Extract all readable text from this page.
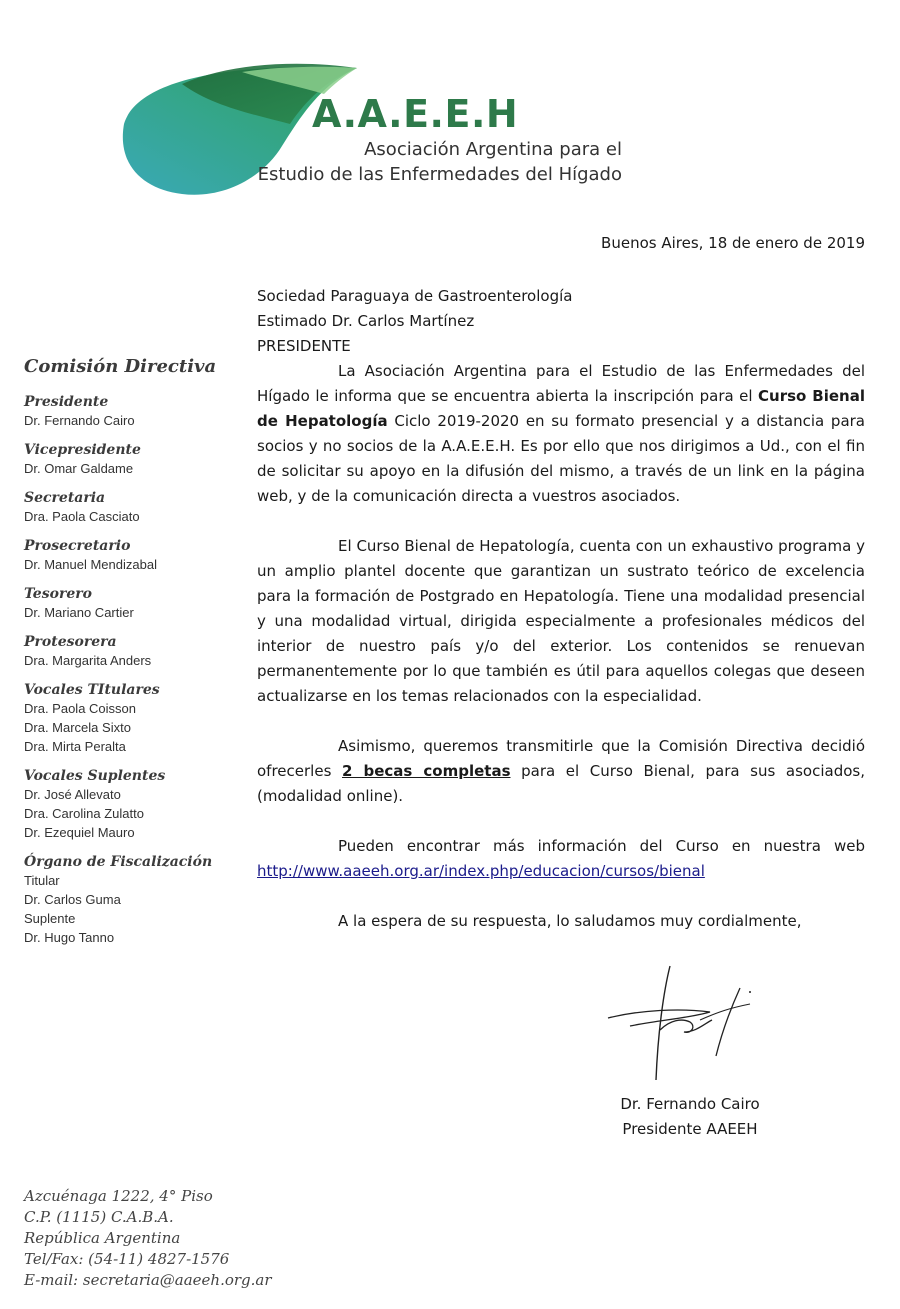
A.A.E.E.H
Asociación Argentina para el
Estudio de las Enfermedades del Hígado
Buenos Aires, 18 de enero de 2019
Comisión Directiva
Presidente
Dr. Fernando Cairo
Vicepresidente
Dr. Omar Galdame
Secretaria
Dra. Paola Casciato
Prosecretario
Dr. Manuel Mendizabal
Tesorero
Dr. Mariano Cartier
Protesorera
Dra. Margarita Anders
Vocales TItulares
Dra. Paola Coisson
Dra. Marcela Sixto
Dra. Mirta Peralta
Vocales Suplentes
Dr. José Allevato
Dra. Carolina Zulatto
Dr. Ezequiel Mauro
Órgano de Fiscalización
Titular
Dr. Carlos Guma
Suplente
Dr. Hugo Tanno
Sociedad Paraguaya de Gastroenterología
Estimado Dr. Carlos Martínez
PRESIDENTE

La Asociación Argentina para el Estudio de las Enfermedades del Hígado le informa que se encuentra abierta la inscripción para el Curso Bienal de Hepatología Ciclo 2019-2020 en su formato presencial y a distancia para socios y no socios de la A.A.E.E.H. Es por ello que nos dirigimos a Ud., con el fin de solicitar su apoyo en la difusión del mismo, a través de un link en la página web, y de la comunicación directa a vuestros asociados.

El Curso Bienal de Hepatología, cuenta con un exhaustivo programa y un amplio plantel docente que garantizan un sustrato teórico de excelencia para la formación de Postgrado en Hepatología. Tiene una modalidad presencial y una modalidad virtual, dirigida especialmente a profesionales médicos del interior de nuestro país y/o del exterior. Los contenidos se renuevan permanentemente por lo que también es útil para aquellos colegas que deseen actualizarse en los temas relacionados con la especialidad.

Asimismo, queremos transmitirle que la Comisión Directiva decidió ofrecerles 2 becas completas para el Curso Bienal, para sus asociados, (modalidad online).

Pueden encontrar más información del Curso en nuestra web

http://www.aaeeh.org.ar/index.php/educacion/cursos/bienal

A la espera de su respuesta, lo saludamos muy cordialmente,

Dr. Fernando Cairo
Presidente AAEEH
Azcuénaga 1222, 4° Piso
C.P. (1115) C.A.B.A.
República Argentina
Tel/Fax: (54-11) 4827-1576
E-mail: secretaria@aaeeh.org.ar
